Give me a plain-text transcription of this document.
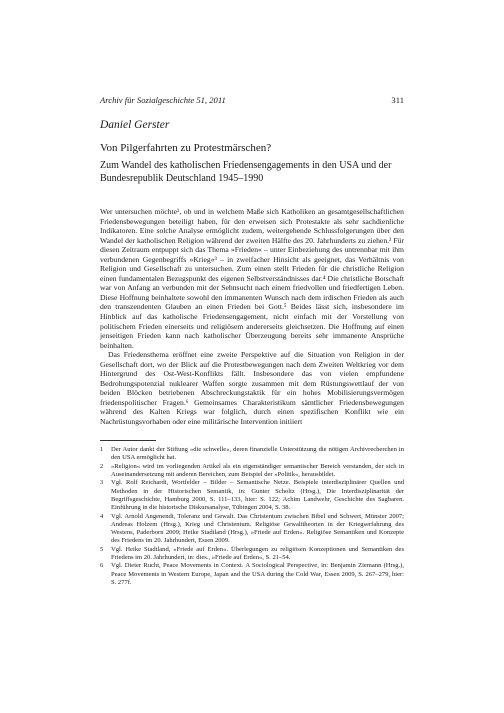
Archiv für Sozialgeschichte 51, 2011	311
Daniel Gerster
Von Pilgerfahrten zu Protestmärschen?
Zum Wandel des katholischen Friedensengagements in den USA und der Bundesrepublik Deutschland 1945–1990

Wer untersuchen möchte¹, ob und in welchem Maße sich Katholiken an gesamtgesellschaftlichen Friedensbewegungen beteiligt haben, für den erweisen sich Protestakte als sehr sachdienliche Indikatoren. Eine solche Analyse ermöglicht zudem, weitergehende Schlussfolgerungen über den Wandel der katholischen Religion während der zweiten Hälfte des 20. Jahrhunderts zu ziehen.² Für diesen Zeitraum entpuppt sich das Thema »Frieden« – unter Einbeziehung des untrennbar mit ihm verbundenen Gegenbegriffs »Krieg«³ – in zweifacher Hinsicht als geeignet, das Verhältnis von Religion und Gesellschaft zu untersuchen. Zum einen stellt Frieden für die christliche Religion einen fundamentalen Bezugspunkt des eigenen Selbstverständnisses dar.⁴ Die christliche Botschaft war von Anfang an verbunden mit der Sehnsucht nach einem friedvollen und friedfertigen Leben. Diese Hoffnung beinhaltete sowohl den immanenten Wunsch nach dem irdischen Frieden als auch den transzendenten Glauben an einen Frieden bei Gott.⁵ Beides lässt sich, insbesondere im Hinblick auf das katholische Friedensengagement, nicht einfach mit der Vorstellung von politischem Frieden einerseits und religiösem andererseits gleichsetzen. Die Hoffnung auf einen jenseitigen Frieden kann nach katholischer Überzeugung bereits sehr immanente Ansprüche beinhalten.

Das Friedensthema eröffnet eine zweite Perspektive auf die Situation von Religion in der Gesellschaft dort, wo der Blick auf die Protestbewegungen nach dem Zweiten Weltkrieg vor dem Hintergrund des Ost-West-Konflikts fällt. Insbesondere das von vielen empfundene Bedrohungspotenzial nuklearer Waffen sorgte zusammen mit dem Rüstungswettlauf der von beiden Blöcken betriebenen Abschreckungstaktik für ein hohes Mobilisierungsvermögen friedenspolitischer Fragen.⁶ Gemeinsames Charakteristikum sämtlicher Friedensbewegungen während des Kalten Kriegs war folglich, durch einen spezifischen Konflikt wie ein Nachrüstungsvorhaben oder eine militärische Intervention initiiert

1	Der Autor dankt der Stiftung »die schwelle«, deren finanzielle Unterstützung die nötigen Archivrecherchen in den USA ermöglicht hat.
2	»Religion« wird im vorliegenden Artikel als ein eigenständiger semantischer Bereich verstanden, der sich in Auseinandersetzung mit anderen Bereichen, zum Beispiel der »Politik«, herausbildet.
3	Vgl. Rolf Reichardt, Wortfelder – Bilder – Semantische Netze. Beispiele interdisziplinärer Quellen und Methoden in der Historischen Semantik, in: Gunter Scholtz (Hrsg.), Die Interdisziplinarität der Begriffsgeschichte, Hamburg 2000, S. 111–133, hier: S. 122; Achim Landwehr, Geschichte des Sagbaren. Einführung in die historische Diskursanalyse, Tübingen 2004, S. 38.
4	Vgl. Arnold Angenendt, Toleranz und Gewalt. Das Christentum zwischen Bibel und Schwert, Münster 2007; Andreas Holzem (Hrsg.), Krieg und Christentum. Religiöse Gewalttheorien in der Kriegserfahrung des Westens, Paderborn 2009; Heike Stadtland (Hrsg.), »Friede auf Erden«. Religiöse Semantiken und Konzepte des Friedens im 20. Jahrhundert, Essen 2009.
5	Vgl. Heike Stadtland, »Friede auf Erden«. Überlegungen zu religiösen Konzeptionen und Semantiken des Friedens im 20. Jahrhundert, in: dies., »Friede auf Erden«, S. 21–54.
6	Vgl. Dieter Rucht, Peace Movements in Context. A Sociological Perspective, in: Benjamin Ziemann (Hrsg.), Peace Movements in Western Europe, Japan and the USA during the Cold War, Essen 2009, S. 267–279, hier: S. 277f.
